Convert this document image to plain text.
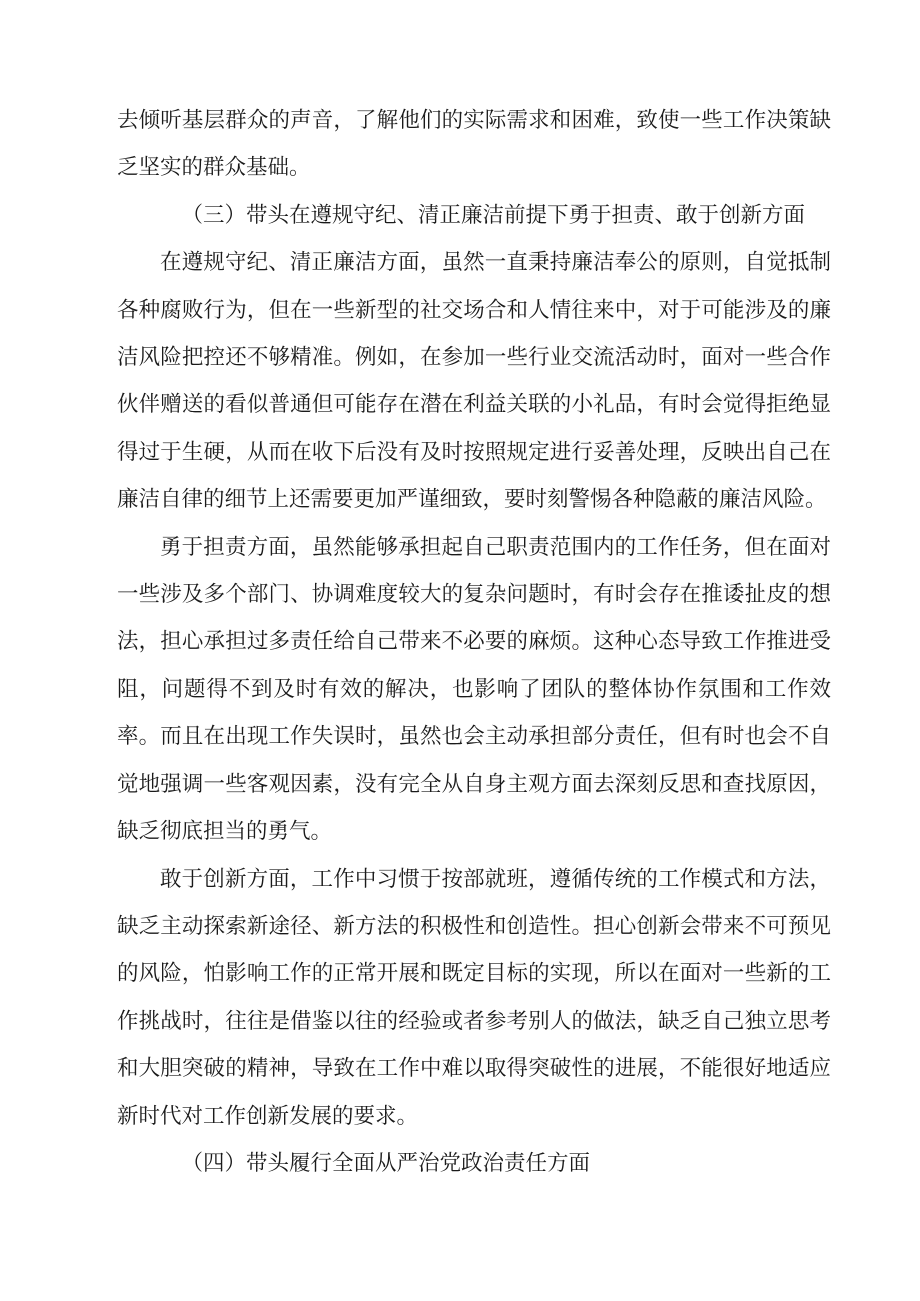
去倾听基层群众的声音，了解他们的实际需求和困难，致使一些工作决策缺乏坚实的群众基础。

（三）带头在遵规守纪、清正廉洁前提下勇于担责、敢于创新方面

在遵规守纪、清正廉洁方面，虽然一直秉持廉洁奉公的原则，自觉抵制各种腐败行为，但在一些新型的社交场合和人情往来中，对于可能涉及的廉洁风险把控还不够精准。例如，在参加一些行业交流活动时，面对一些合作伙伴赠送的看似普通但可能存在潜在利益关联的小礼品，有时会觉得拒绝显得过于生硬，从而在收下后没有及时按照规定进行妥善处理，反映出自己在廉洁自律的细节上还需要更加严谨细致，要时刻警惕各种隐蔽的廉洁风险。

勇于担责方面，虽然能够承担起自己职责范围内的工作任务，但在面对一些涉及多个部门、协调难度较大的复杂问题时，有时会存在推诿扯皮的想法，担心承担过多责任给自己带来不必要的麻烦。这种心态导致工作推进受阻，问题得不到及时有效的解决，也影响了团队的整体协作氛围和工作效率。而且在出现工作失误时，虽然也会主动承担部分责任，但有时也会不自觉地强调一些客观因素，没有完全从自身主观方面去深刻反思和查找原因，缺乏彻底担当的勇气。

敢于创新方面，工作中习惯于按部就班，遵循传统的工作模式和方法，缺乏主动探索新途径、新方法的积极性和创造性。担心创新会带来不可预见的风险，怕影响工作的正常开展和既定目标的实现，所以在面对一些新的工作挑战时，往往是借鉴以往的经验或者参考别人的做法，缺乏自己独立思考和大胆突破的精神，导致在工作中难以取得突破性的进展，不能很好地适应新时代对工作创新发展的要求。

（四）带头履行全面从严治党政治责任方面
